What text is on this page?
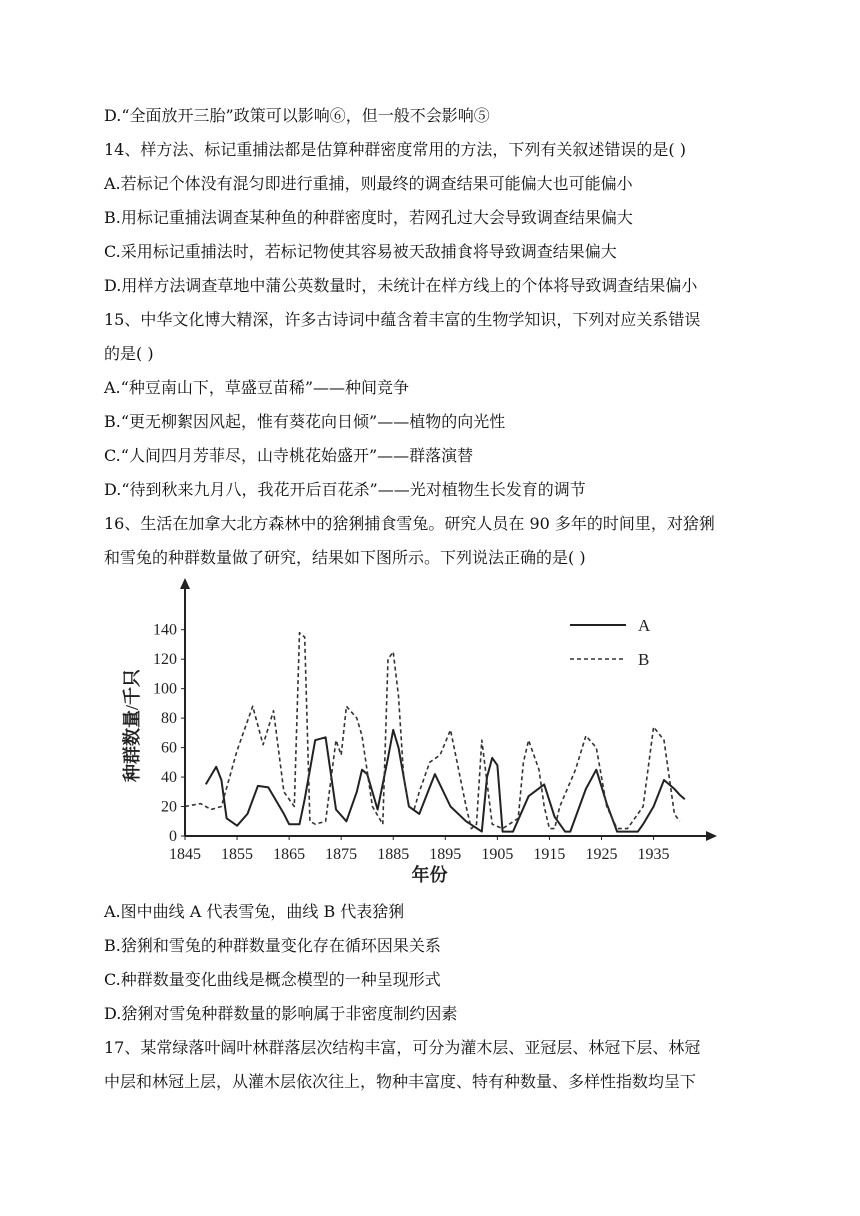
D.“全面放开三胎”政策可以影响⑥，但一般不会影响⑤
14、样方法、标记重捕法都是估算种群密度常用的方法，下列有关叙述错误的是( )
A.若标记个体没有混匀即进行重捕，则最终的调查结果可能偏大也可能偏小
B.用标记重捕法调查某种鱼的种群密度时，若网孔过大会导致调查结果偏大
C.采用标记重捕法时，若标记物使其容易被天敌捕食将导致调查结果偏大
D.用样方法调查草地中蒲公英数量时，未统计在样方线上的个体将导致调查结果偏小
15、中华文化博大精深，许多古诗词中蕴含着丰富的生物学知识，下列对应关系错误
的是( )
A.“种豆南山下，草盛豆苗稀”——种间竞争
B.“更无柳絮因风起，惟有葵花向日倾”——植物的向光性
C.“人间四月芳菲尽，山寺桃花始盛开”——群落演替
D.“待到秋来九月八，我花开后百花杀”——光对植物生长发育的调节
16、生活在加拿大北方森林中的猞猁捕食雪兔。研究人员在 90 多年的时间里，对猞猁
和雪兔的种群数量做了研究，结果如下图所示。下列说法正确的是( )
A.图中曲线 A 代表雪兔，曲线 B 代表猞猁
B.猞猁和雪兔的种群数量变化存在循环因果关系
C.种群数量变化曲线是概念模型的一种呈现形式
D.猞猁对雪兔种群数量的影响属于非密度制约因素
17、某常绿落叶阔叶林群落层次结构丰富，可分为灌木层、亚冠层、林冠下层、林冠
中层和林冠上层，从灌木层依次往上，物种丰富度、特有种数量、多样性指数均呈下
0
20
40
60
80
100
120
140
1845 1855 1865 1875 1885 1895 1905 1915 1925 1935
年份
种群数量/千只
A
B
